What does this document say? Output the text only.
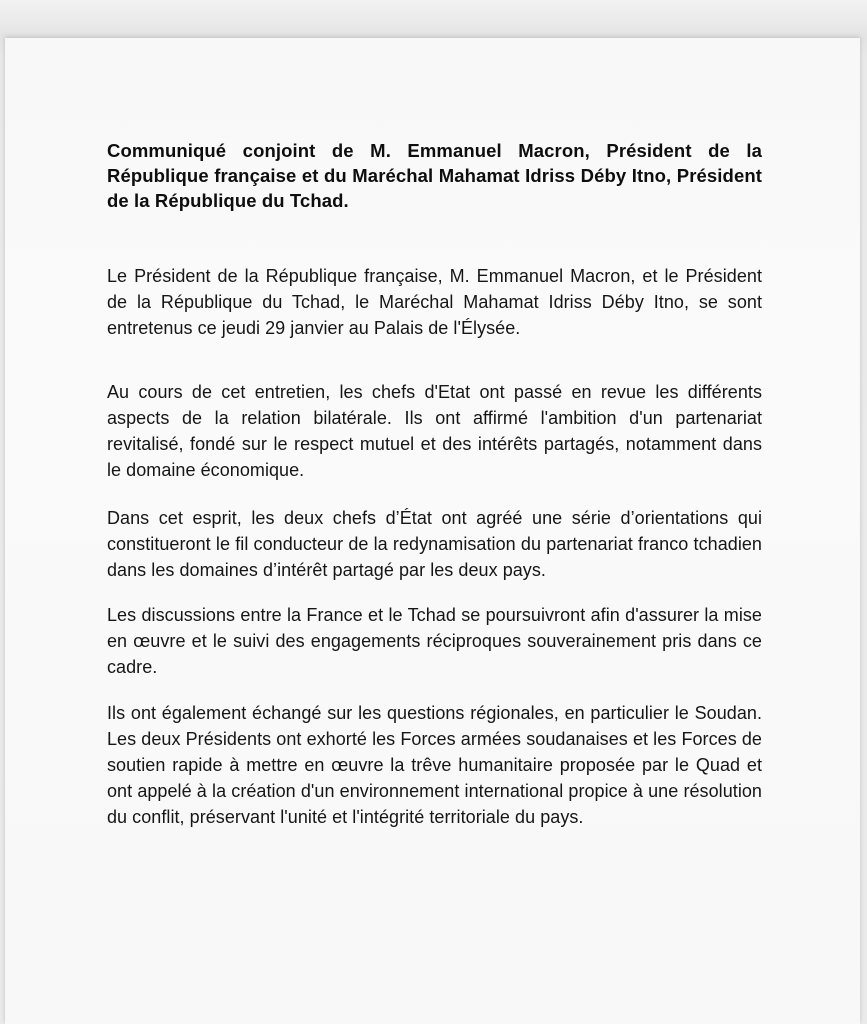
Communiqué conjoint de M. Emmanuel Macron, Président de la République française et du Maréchal Mahamat Idriss Déby Itno, Président de la République du Tchad.

Le Président de la République française, M. Emmanuel Macron, et le Président de la République du Tchad, le Maréchal Mahamat Idriss Déby Itno, se sont entretenus ce jeudi 29 janvier au Palais de l'Élysée.

Au cours de cet entretien, les chefs d'Etat ont passé en revue les différents aspects de la relation bilatérale. Ils ont affirmé l'ambition d'un partenariat revitalisé, fondé sur le respect mutuel et des intérêts partagés, notamment dans le domaine économique.

Dans cet esprit, les deux chefs d’État ont agréé une série d’orientations qui constitueront le fil conducteur de la redynamisation du partenariat franco tchadien dans les domaines d’intérêt partagé par les deux pays.

Les discussions entre la France et le Tchad se poursuivront afin d'assurer la mise en œuvre et le suivi des engagements réciproques souverainement pris dans ce cadre.

Ils ont également échangé sur les questions régionales, en particulier le Soudan. Les deux Présidents ont exhorté les Forces armées soudanaises et les Forces de soutien rapide à mettre en œuvre la trêve humanitaire proposée par le Quad et ont appelé à la création d'un environnement international propice à une résolution du conflit, préservant l'unité et l'intégrité territoriale du pays.
